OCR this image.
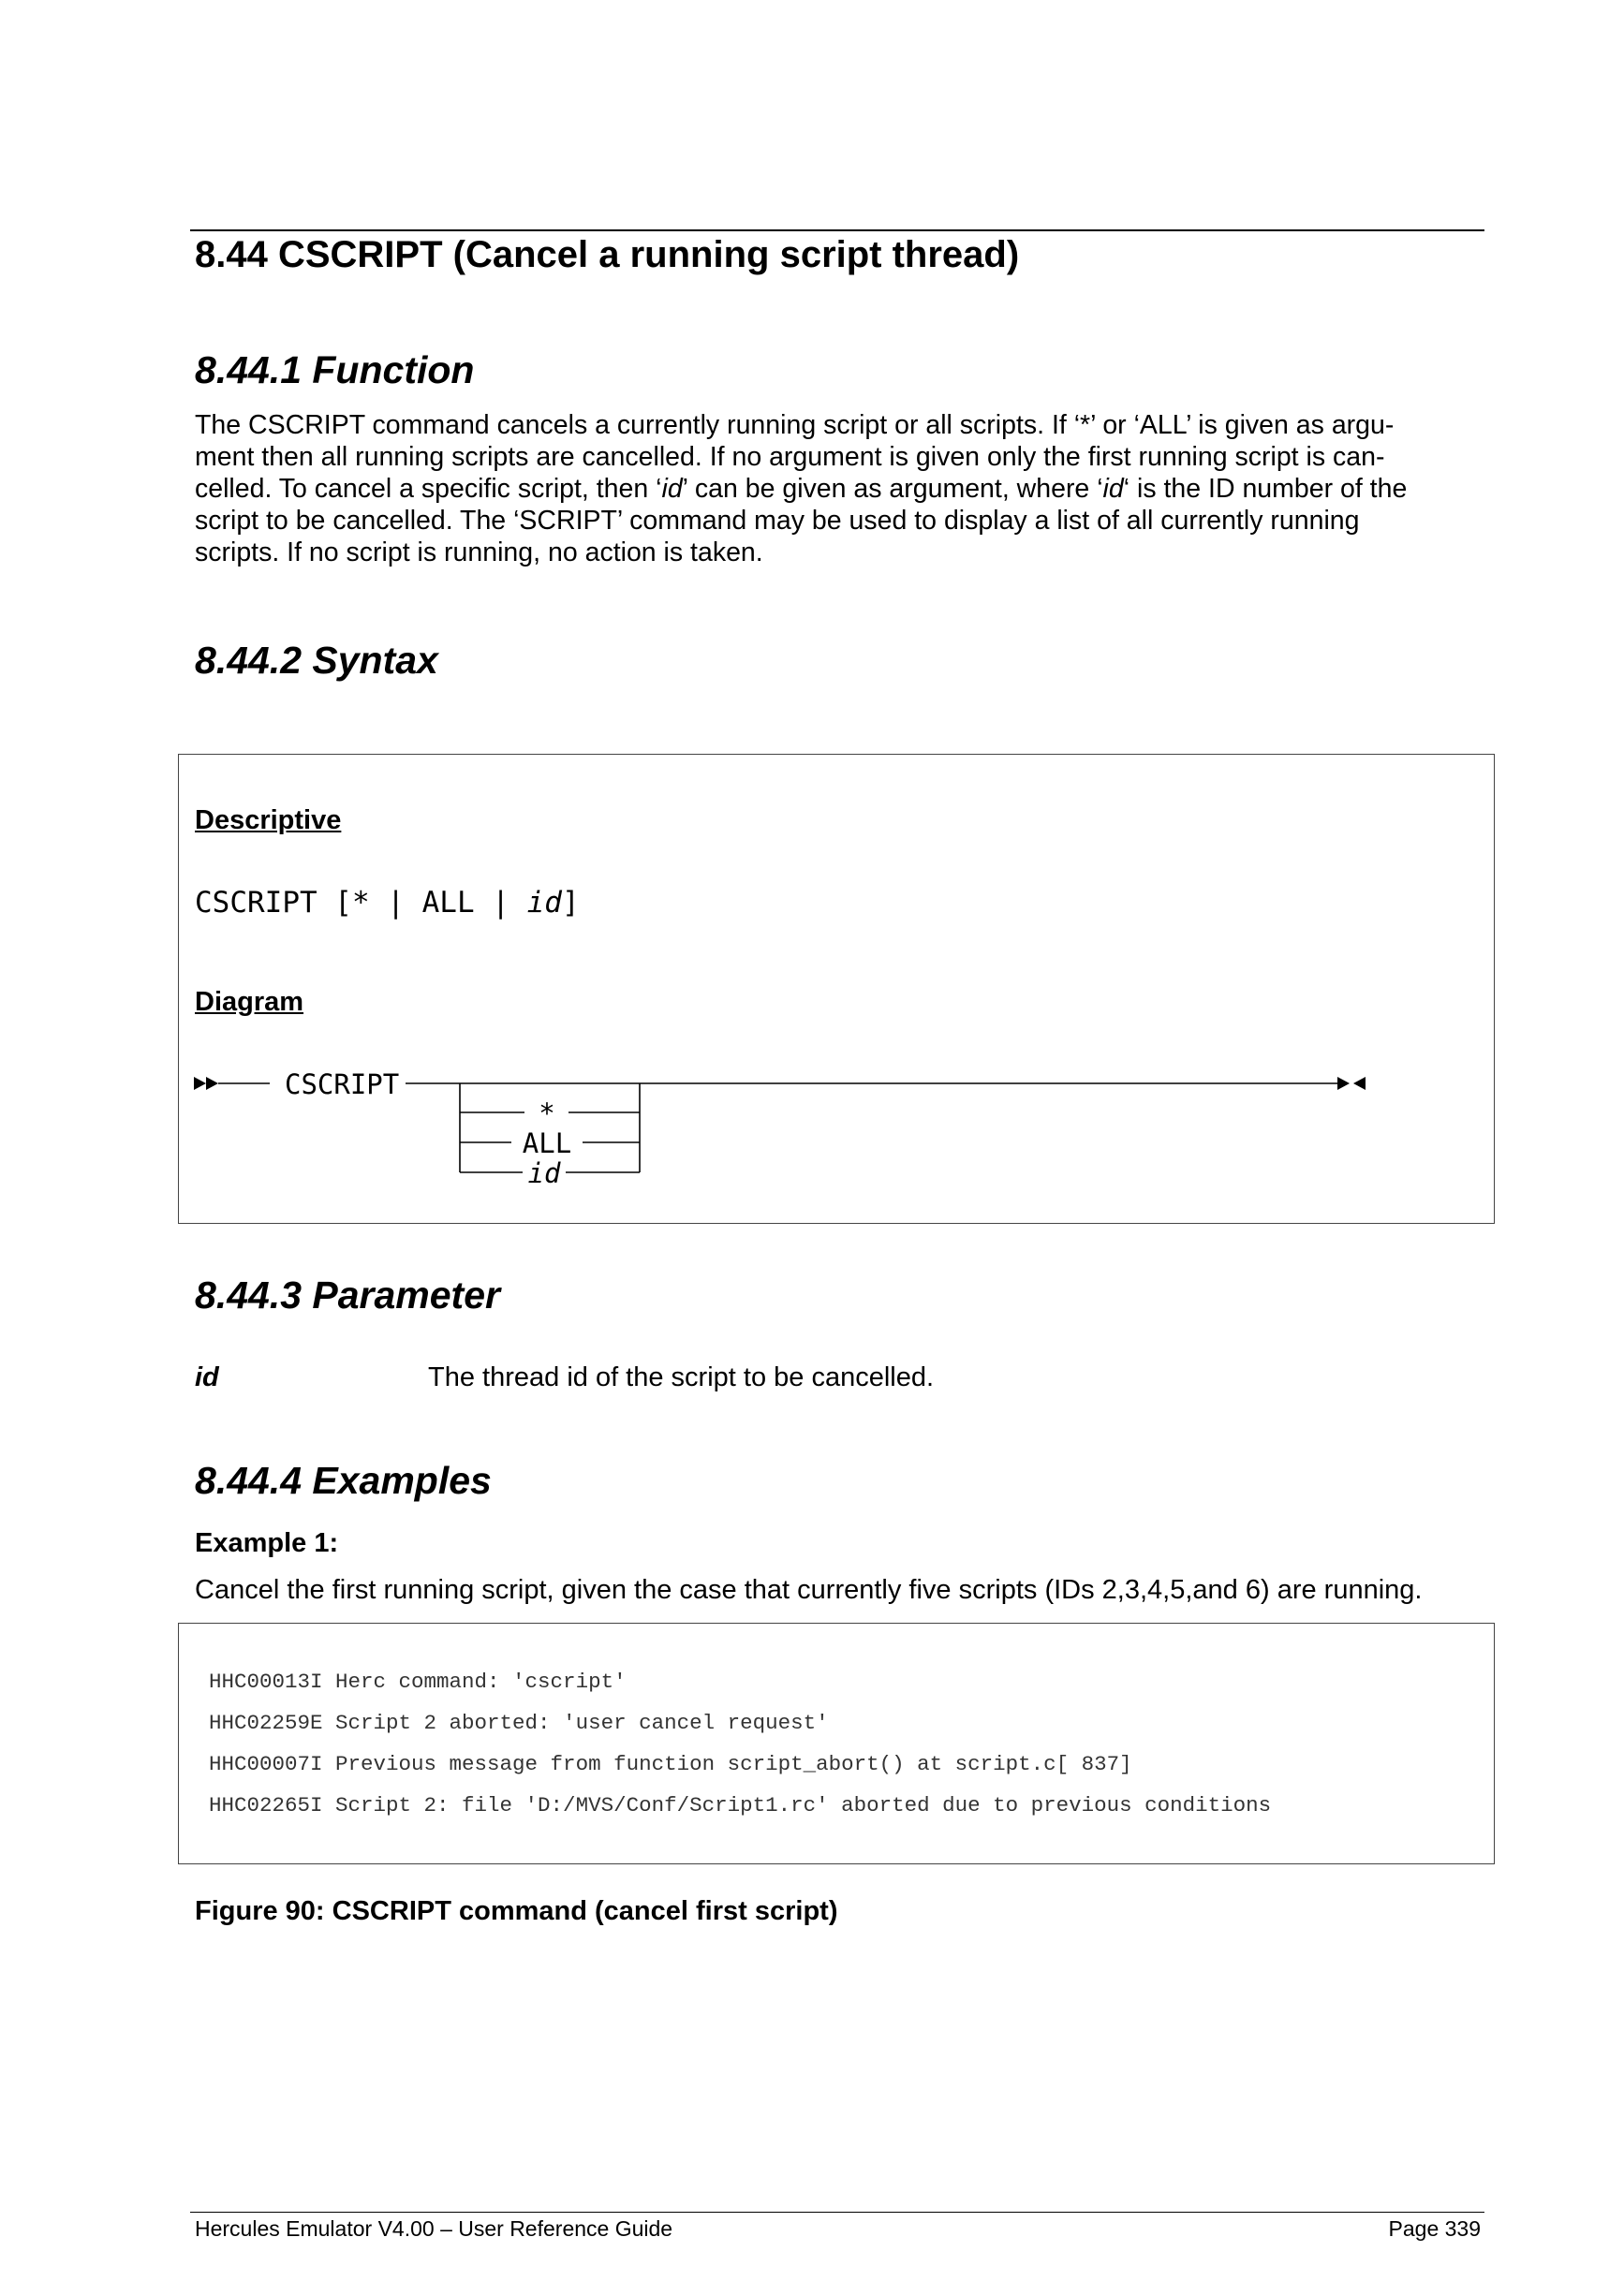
8.44 CSCRIPT (Cancel a running script thread)
8.44.1 Function
The CSCRIPT command cancels a currently running script or all scripts. If ‘*’ or ‘ALL’ is given as argu-
ment then all running scripts are cancelled. If no argument is given only the first running script is can-
celled. To cancel a specific script, then ‘id’ can be given as argument, where ‘id‘ is the ID number of the
script to be cancelled. The ‘SCRIPT’ command may be used to display a list of all currently running
scripts. If no script is running, no action is taken.
8.44.2 Syntax
Descriptive
CSCRIPT [* | ALL | id]
Diagram
CSCRIPT
*
ALL
id
8.44.3 Parameter
id	The thread id of the script to be cancelled.
8.44.4 Examples
Example 1:
Cancel the first running script, given the case that currently five scripts (IDs 2,3,4,5,and 6) are running.
HHC00013I Herc command: 'cscript'
HHC02259E Script 2 aborted: 'user cancel request'
HHC00007I Previous message from function script_abort() at script.c[ 837]
HHC02265I Script 2: file 'D:/MVS/Conf/Script1.rc' aborted due to previous conditions
Figure 90: CSCRIPT command (cancel first script)
Hercules Emulator V4.00 – User Reference Guide	Page 339
